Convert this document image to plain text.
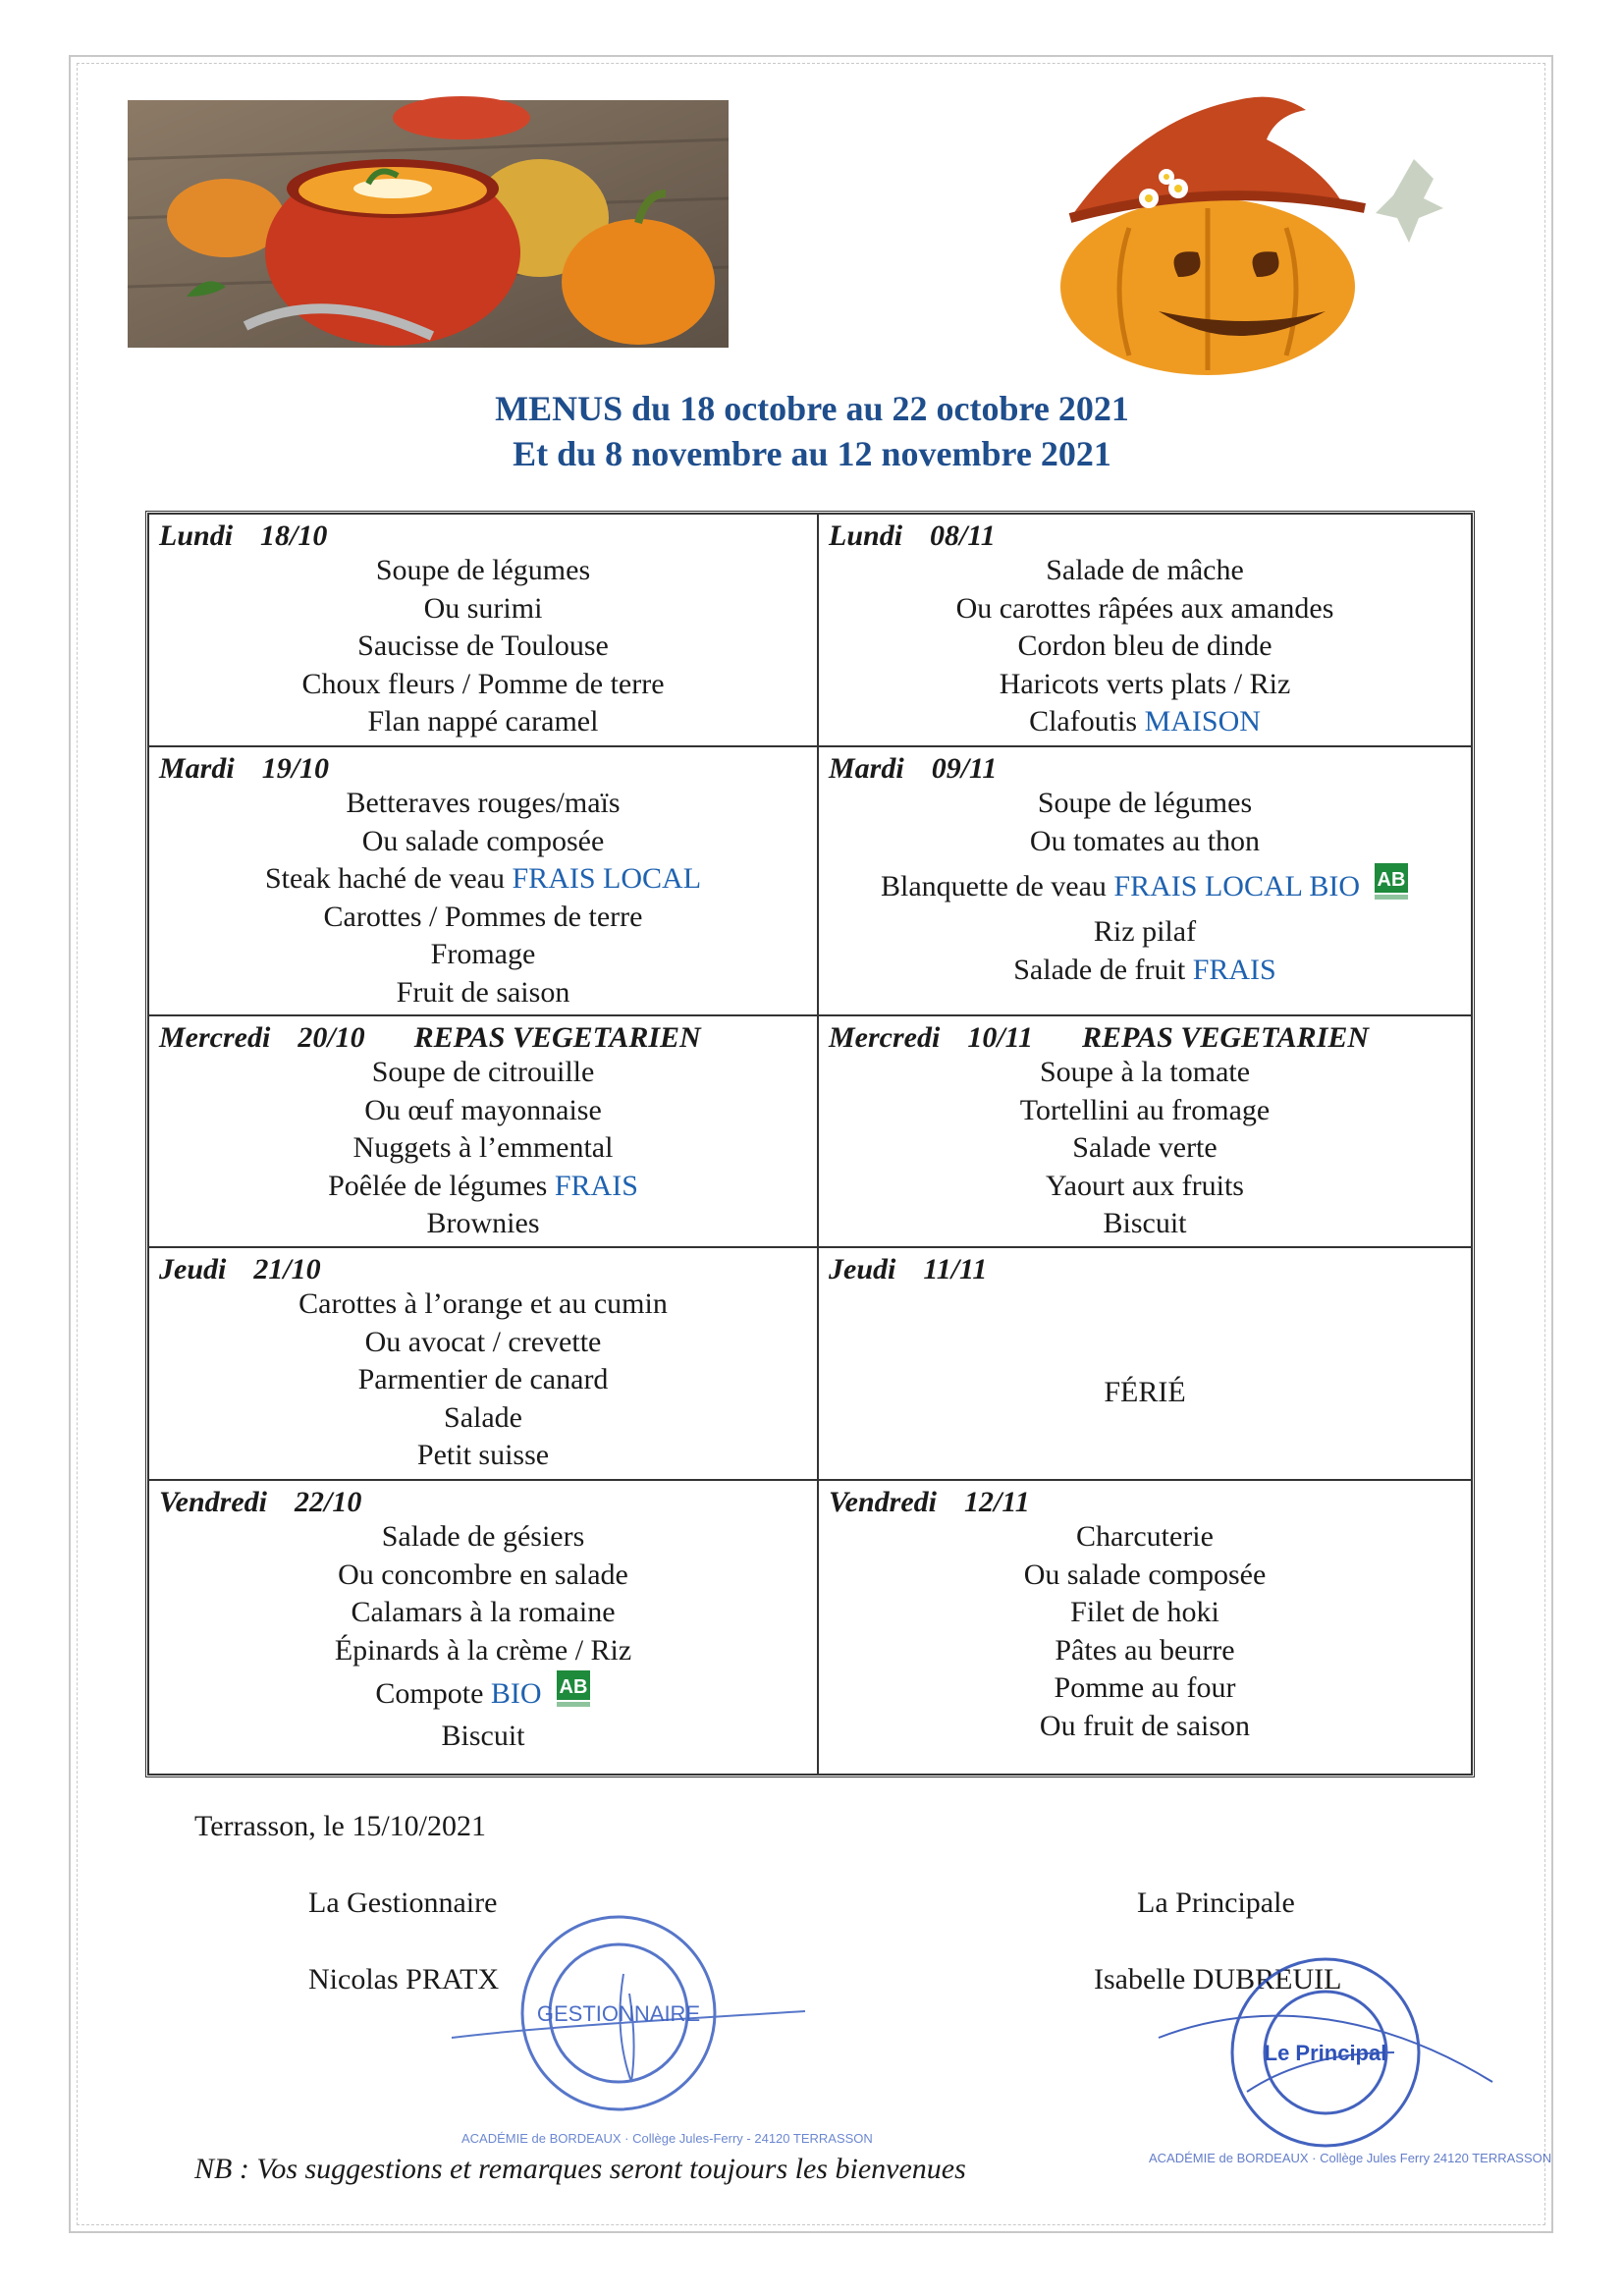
MENUS du 18 octobre au 22 octobre 2021
Et du 8 novembre au 12 novembre 2021
Lundi 18/10
Soupe de légumes
Ou surimi
Saucisse de Toulouse
Choux fleurs / Pomme de terre
Flan nappé caramel
Mardi 19/10
Betteraves rouges/maïs
Ou salade composée
Steak haché de veau FRAIS LOCAL
Carottes / Pommes de terre
Fromage
Fruit de saison
Mercredi 20/10 REPAS VEGETARIEN
Soupe de citrouille
Ou œuf mayonnaise
Nuggets à l’emmental
Poêlée de légumes FRAIS
Brownies
Jeudi 21/10
Carottes à l’orange et au cumin
Ou avocat / crevette
Parmentier de canard
Salade
Petit suisse
Vendredi 22/10
Salade de gésiers
Ou concombre en salade
Calamars à la romaine
Épinards à la crème / Riz
Compote BIO AB
Biscuit
Lundi 08/11
Salade de mâche
Ou carottes râpées aux amandes
Cordon bleu de dinde
Haricots verts plats / Riz
Clafoutis MAISON
Mardi 09/11
Soupe de légumes
Ou tomates au thon
Blanquette de veau FRAIS LOCAL BIO AB
Riz pilaf
Salade de fruit FRAIS
Mercredi 10/11 REPAS VEGETARIEN
Soupe à la tomate
Tortellini au fromage
Salade verte
Yaourt aux fruits
Biscuit
Jeudi 11/11
FÉRIÉ
Vendredi 12/11
Charcuterie
Ou salade composée
Filet de hoki
Pâtes au beurre
Pomme au four
Ou fruit de saison
Terrasson, le 15/10/2021
La Gestionnaire
Nicolas PRATX
La Principale
Isabelle DUBREUIL
ACADÉMIE de BORDEAUX · Collège Jules-Ferry - 24120 TERRASSON
GESTIONNAIRE
ACADÉMIE de BORDEAUX · Collège Jules Ferry 24120 TERRASSON
Le Principal
NB : Vos suggestions et remarques seront toujours les bienvenues
